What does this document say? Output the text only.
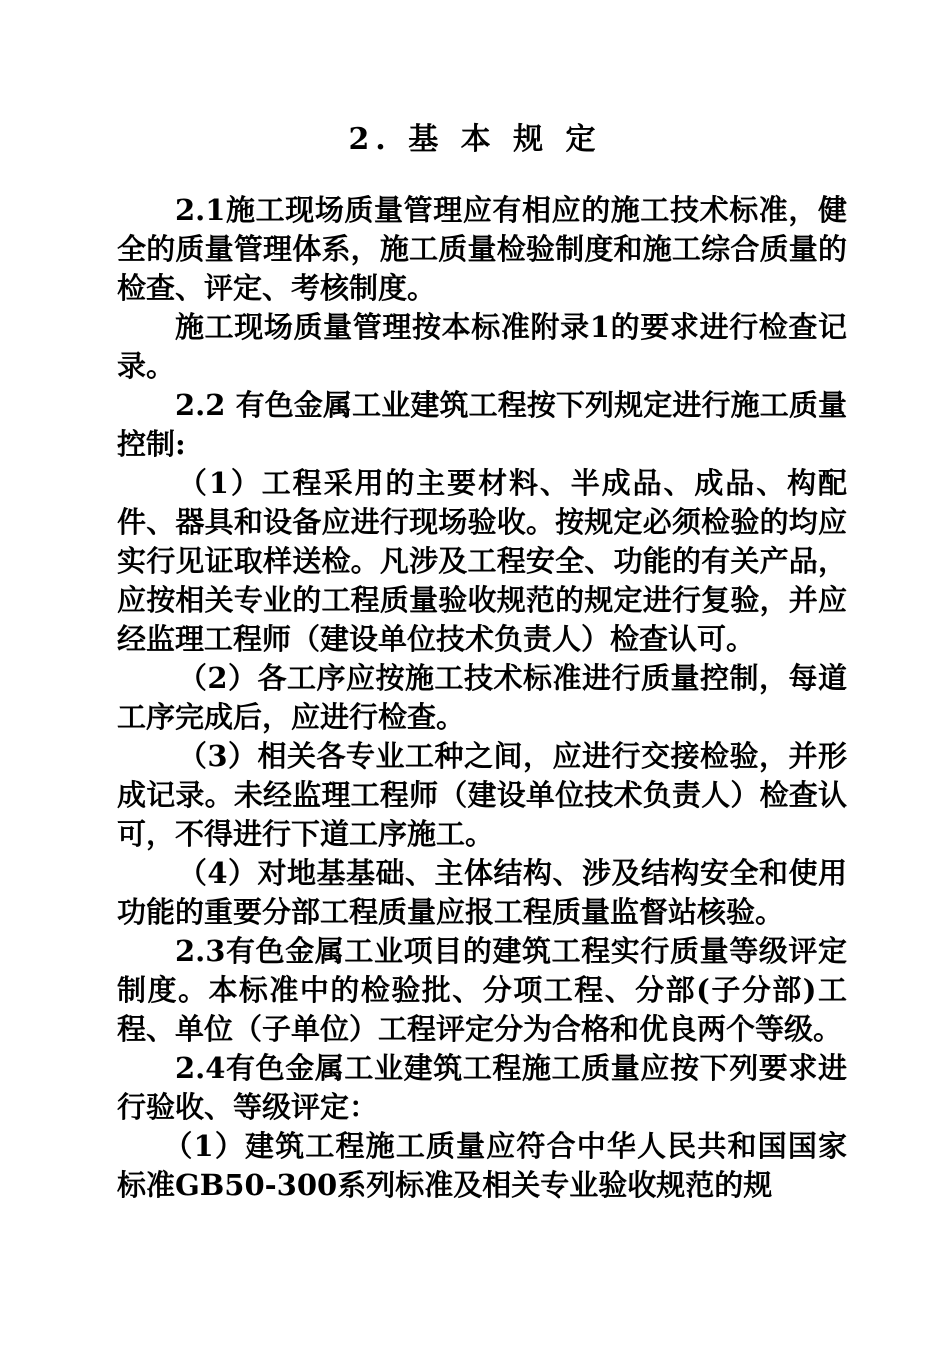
2. 基 本 规 定

2.1施工现场质量管理应有相应的施工技术标准，健全的质量管理体系，施工质量检验制度和施工综合质量的检查、评定、考核制度。

施工现场质量管理按本标准附录1的要求进行检查记录。

2.2 有色金属工业建筑工程按下列规定进行施工质量控制:

（1）工程采用的主要材料、半成品、成品、构配件、器具和设备应进行现场验收。按规定必须检验的均应实行见证取样送检。凡涉及工程安全、功能的有关产品，应按相关专业的工程质量验收规范的规定进行复验，并应经监理工程师（建设单位技术负责人）检查认可。

（2）各工序应按施工技术标准进行质量控制，每道工序完成后，应进行检查。

（3）相关各专业工种之间，应进行交接检验，并形成记录。未经监理工程师（建设单位技术负责人）检查认可，不得进行下道工序施工。

（4）对地基基础、主体结构、涉及结构安全和使用功能的重要分部工程质量应报工程质量监督站核验。

2.3有色金属工业项目的建筑工程实行质量等级评定制度。本标准中的检验批、分项工程、分部(子分部)工程、单位（子单位）工程评定分为合格和优良两个等级。

2.4有色金属工业建筑工程施工质量应按下列要求进行验收、等级评定：

（1）建筑工程施工质量应符合中华人民共和国国家标准GB50-300系列标准及相关专业验收规范的规
